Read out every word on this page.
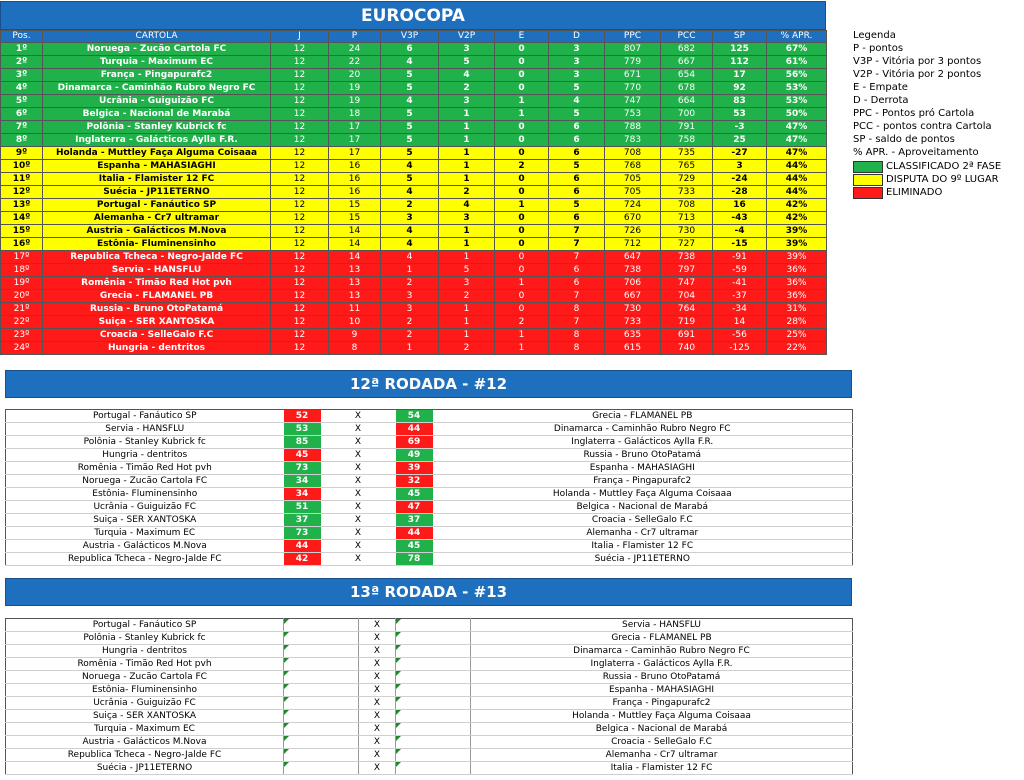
EUROCOPA
Pos.	CARTOLA	J	P	V3P	V2P	E	D	PPC	PCC	SP	% APR.
1º	Noruega - Zucão Cartola FC	12	24	6	3	0	3	807	682	125	67%
2º	Turquia - Maximum EC	12	22	4	5	0	3	779	667	112	61%
3º	França - Pingapurafc2	12	20	5	4	0	3	671	654	17	56%
4º	Dinamarca - Caminhão Rubro Negro FC	12	19	5	2	0	5	770	678	92	53%
5º	Ucrânia - Guiguizão FC	12	19	4	3	1	4	747	664	83	53%
6º	Belgica - Nacional de Marabá	12	18	5	1	1	5	753	700	53	50%
7º	Polônia - Stanley Kubrick fc	12	17	5	1	0	6	788	791	-3	47%
8º	Inglaterra - Galácticos Aylla F.R.	12	17	5	1	0	6	783	758	25	47%
9º	Holanda - Muttley Faça Alguma Coisaaa	12	17	5	1	0	6	708	735	-27	47%
10º	Espanha - MAHASIAGHI	12	16	4	1	2	5	768	765	3	44%
11º	Italia - Flamister 12 FC	12	16	5	1	0	6	705	729	-24	44%
12º	Suécia - JP11ETERNO	12	16	4	2	0	6	705	733	-28	44%
13º	Portugal - Fanáutico SP	12	15	2	4	1	5	724	708	16	42%
14º	Alemanha - Cr7 ultramar	12	15	3	3	0	6	670	713	-43	42%
15º	Austria - Galácticos M.Nova	12	14	4	1	0	7	726	730	-4	39%
16º	Estônia- Fluminensinho	12	14	4	1	0	7	712	727	-15	39%
17º	Republica Tcheca - Negro-Jalde FC	12	14	4	1	0	7	647	738	-91	39%
18º	Servia - HANSFLU	12	13	1	5	0	6	738	797	-59	36%
19º	Romênia - Timão Red Hot pvh	12	13	2	3	1	6	706	747	-41	36%
20º	Grecia - FLAMANEL PB	12	13	3	2	0	7	667	704	-37	36%
21º	Russia - Bruno OtoPatamá	12	11	3	1	0	8	730	764	-34	31%
22º	Suiça - SER XANTOSKA	12	10	2	1	2	7	733	719	14	28%
23º	Croacia - SelleGalo F.C	12	9	2	1	1	8	635	691	-56	25%
24º	Hungria - dentritos	12	8	1	2	1	8	615	740	-125	22%
Legenda
P - pontos
V3P - Vitória por 3 pontos
V2P - Vitória por 2 pontos
E - Empate
D - Derrota
PPC - Pontos pró Cartola
PCC - pontos contra Cartola
SP - saldo de pontos
% APR. - Aproveitamento
CLASSIFICADO 2ª FASE
DISPUTA DO 9º LUGAR
ELIMINADO
12ª RODADA - #12
Portugal - Fanáutico SP	52	X	54	Grecia - FLAMANEL PB
Servia - HANSFLU	53	X	44	Dinamarca - Caminhão Rubro Negro FC
Polônia - Stanley Kubrick fc	85	X	69	Inglaterra - Galácticos Aylla F.R.
Hungria - dentritos	45	X	49	Russia - Bruno OtoPatamá
Romênia - Timão Red Hot pvh	73	X	39	Espanha - MAHASIAGHI
Noruega - Zucão Cartola FC	34	X	32	França - Pingapurafc2
Estônia- Fluminensinho	34	X	45	Holanda - Muttley Faça Alguma Coisaaa
Ucrânia - Guiguizão FC	51	X	47	Belgica - Nacional de Marabá
Suiça - SER XANTOSKA	37	X	37	Croacia - SelleGalo F.C
Turquia - Maximum EC	73	X	44	Alemanha - Cr7 ultramar
Austria - Galácticos M.Nova	44	X	45	Italia - Flamister 12 FC
Republica Tcheca - Negro-Jalde FC	42	X	78	Suécia - JP11ETERNO
13ª RODADA - #13
Portugal - Fanáutico SP		X		Servia - HANSFLU
Polônia - Stanley Kubrick fc		X		Grecia - FLAMANEL PB
Hungria - dentritos		X		Dinamarca - Caminhão Rubro Negro FC
Romênia - Timão Red Hot pvh		X		Inglaterra - Galácticos Aylla F.R.
Noruega - Zucão Cartola FC		X		Russia - Bruno OtoPatamá
Estônia- Fluminensinho		X		Espanha - MAHASIAGHI
Ucrânia - Guiguizão FC		X		França - Pingapurafc2
Suiça - SER XANTOSKA		X		Holanda - Muttley Faça Alguma Coisaaa
Turquia - Maximum EC		X		Belgica - Nacional de Marabá
Austria - Galácticos M.Nova		X		Croacia - SelleGalo F.C
Republica Tcheca - Negro-Jalde FC		X		Alemanha - Cr7 ultramar
Suécia - JP11ETERNO		X		Italia - Flamister 12 FC
